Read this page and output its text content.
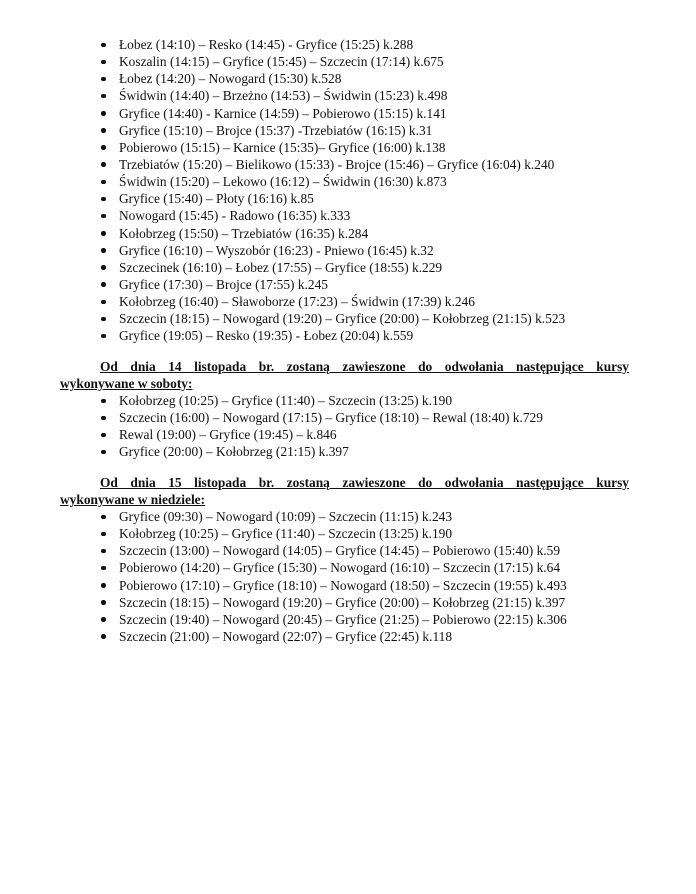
Łobez (14:10) – Resko (14:45) - Gryfice (15:25) k.288
Koszalin (14:15) – Gryfice (15:45) – Szczecin (17:14) k.675
Łobez (14:20) – Nowogard (15:30) k.528
Świdwin (14:40) – Brzeżno (14:53) – Świdwin (15:23) k.498
Gryfice (14:40) - Karnice (14:59) – Pobierowo (15:15) k.141
Gryfice (15:10) – Brojce (15:37) -Trzebiatów (16:15) k.31
Pobierowo (15:15) – Karnice (15:35)– Gryfice (16:00) k.138
Trzebiatów (15:20) – Bielikowo (15:33) - Brojce (15:46) – Gryfice (16:04) k.240
Świdwin (15:20) – Lekowo (16:12) – Świdwin (16:30) k.873
Gryfice (15:40) – Płoty (16:16) k.85
Nowogard (15:45) - Radowo (16:35) k.333
Kołobrzeg (15:50) – Trzebiatów (16:35) k.284
Gryfice (16:10) – Wyszobór (16:23) - Pniewo (16:45) k.32
Szczecinek (16:10) – Łobez (17:55) – Gryfice (18:55) k.229
Gryfice (17:30) – Brojce (17:55) k.245
Kołobrzeg (16:40) – Sławoborze (17:23) – Świdwin (17:39) k.246
Szczecin (18:15) – Nowogard (19:20) – Gryfice (20:00) – Kołobrzeg (21:15) k.523
Gryfice (19:05) – Resko (19:35) - Łobez (20:04) k.559
Od dnia 14 listopada br. zostaną zawieszone do odwołania następujące kursy
wykonywane w soboty:
Kołobrzeg (10:25) – Gryfice (11:40) – Szczecin (13:25) k.190
Szczecin (16:00) – Nowogard (17:15) – Gryfice (18:10) – Rewal (18:40) k.729
Rewal (19:00) – Gryfice (19:45) – k.846
Gryfice (20:00) – Kołobrzeg (21:15) k.397
Od dnia 15 listopada br. zostaną zawieszone do odwołania następujące kursy
wykonywane w niedziele:
Gryfice (09:30) – Nowogard (10:09) – Szczecin (11:15) k.243
Kołobrzeg (10:25) – Gryfice (11:40) – Szczecin (13:25) k.190
Szczecin (13:00) – Nowogard (14:05) – Gryfice (14:45) – Pobierowo (15:40) k.59
Pobierowo (14:20) – Gryfice (15:30) – Nowogard (16:10) – Szczecin (17:15) k.64
Pobierowo (17:10) – Gryfice (18:10) – Nowogard (18:50) – Szczecin (19:55) k.493
Szczecin (18:15) – Nowogard (19:20) – Gryfice (20:00) – Kołobrzeg (21:15) k.397
Szczecin (19:40) – Nowogard (20:45) – Gryfice (21:25) – Pobierowo (22:15) k.306
Szczecin (21:00) – Nowogard (22:07) – Gryfice (22:45) k.118
